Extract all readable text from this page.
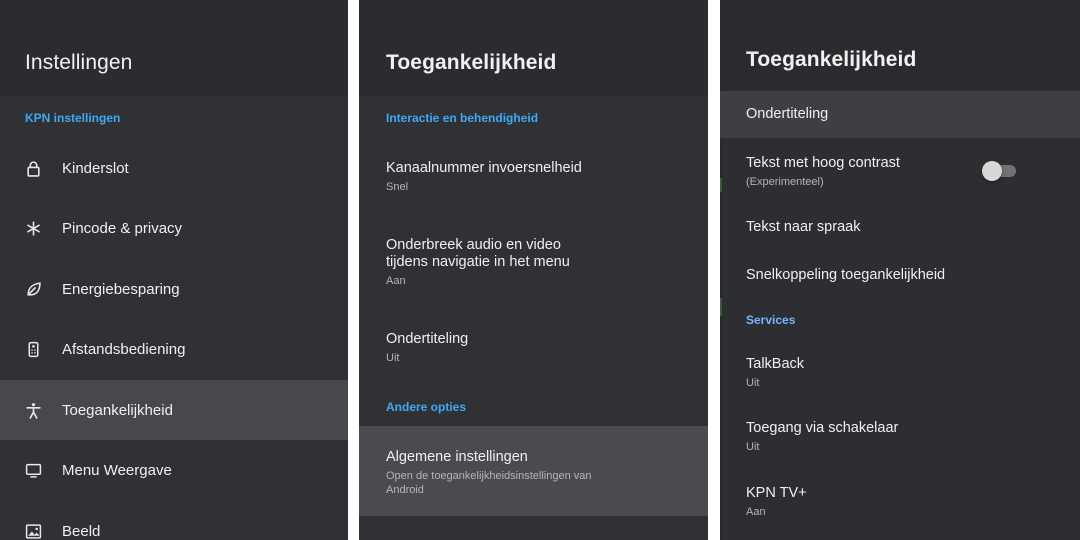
Instellingen
KPN instellingen
Kinderslot
Pincode & privacy
Energiebesparing
Afstandsbediening
Toegankelijkheid
Menu Weergave
Beeld
Toegankelijkheid
Interactie en behendigheid
Kanaalnummer invoersnelheid
Snel
Onderbreek audio en video
tijdens navigatie in het menu
Aan
Ondertiteling
Uit
Andere opties
Algemene instellingen
Open de toegankelijkheidsinstellingen van
Android
Toegankelijkheid
Ondertiteling
Tekst met hoog contrast
(Experimenteel)
Tekst naar spraak
Snelkoppeling toegankelijkheid
Services
TalkBack
Uit
Toegang via schakelaar
Uit
KPN TV+
Aan
